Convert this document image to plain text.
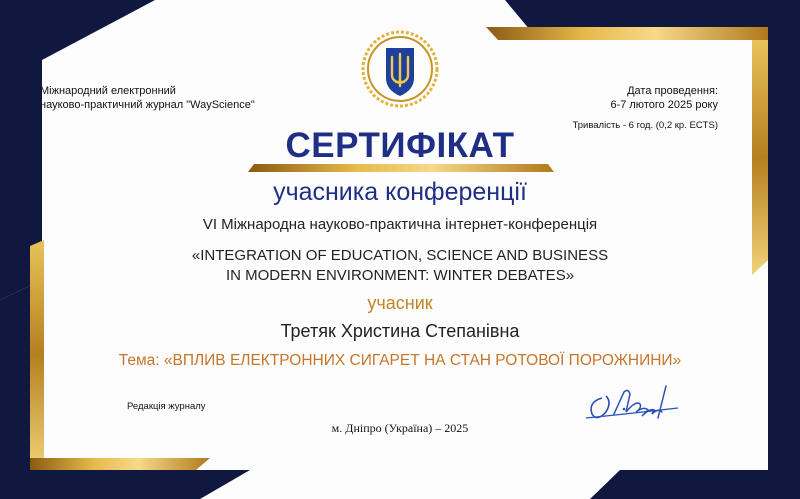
Міжнародний електронний
науково-практичний журнал "WayScience"
Дата проведення:
6-7 лютого 2025 року
Тривалість - 6 год. (0,2 кр. ECTS)
СЕРТИФІКАТ
учасника конференції
VI Міжнародна науково-практична інтернет-конференція
«INTEGRATION OF EDUCATION, SCIENCE AND BUSINESS
IN MODERN ENVIRONMENT: WINTER DEBATES»
учасник
Третяк Христина Степанівна
Тема: «ВПЛИВ ЕЛЕКТРОННИХ СИГАРЕТ НА СТАН РОТОВОЇ ПОРОЖНИНИ»
Редакція журналу
м. Дніпро (Україна) – 2025
